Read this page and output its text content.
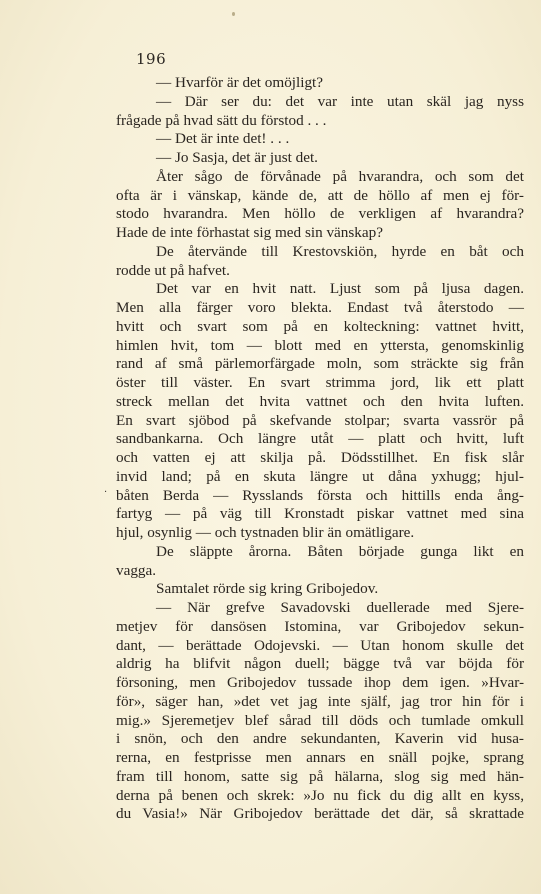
196
·
— Hvarför är det omöjligt?
— Där ser du: det var inte utan skäl jag nyss
frågade på hvad sätt du förstod . . .
— Det är inte det! . . .
— Jo Sasja, det är just det.
Åter sågo de förvånade på hvarandra, och som det
ofta är i vänskap, kände de, att de höllo af men ej för-
stodo hvarandra. Men höllo de verkligen af hvarandra?
Hade de inte förhastat sig med sin vänskap?
De återvände till Krestovskiön, hyrde en båt och
rodde ut på hafvet.
Det var en hvit natt. Ljust som på ljusa dagen.
Men alla färger voro blekta. Endast två återstodo —
hvitt och svart som på en kolteckning: vattnet hvitt,
himlen hvit, tom — blott med en yttersta, genomskinlig
rand af små pärlemorfärgade moln, som sträckte sig från
öster till väster. En svart strimma jord, lik ett platt
streck mellan det hvita vattnet och den hvita luften.
En svart sjöbod på skefvande stolpar; svarta vassrör på
sandbankarna. Och längre utåt — platt och hvitt, luft
och vatten ej att skilja på. Dödsstillhet. En fisk slår
invid land; på en skuta längre ut dåna yxhugg; hjul-
båten Berda — Rysslands första och hittills enda ång-
fartyg — på väg till Kronstadt piskar vattnet med sina
hjul, osynlig — och tystnaden blir än omätligare.
De släppte årorna. Båten började gunga likt en
vagga.
Samtalet rörde sig kring Gribojedov.
— När grefve Savadovski duellerade med Sjere-
metjev för dansösen Istomina, var Gribojedov sekun-
dant, — berättade Odojevski. — Utan honom skulle det
aldrig ha blifvit någon duell; bägge två var böjda för
försoning, men Gribojedov tussade ihop dem igen. »Hvar-
för», säger han, »det vet jag inte själf, jag tror hin för i
mig.» Sjeremetjev blef sårad till döds och tumlade omkull
i snön, och den andre sekundanten, Kaverin vid husa-
rerna, en festprisse men annars en snäll pojke, sprang
fram till honom, satte sig på hälarna, slog sig med hän-
derna på benen och skrek: »Jo nu fick du dig allt en kyss,
du Vasia!» När Gribojedov berättade det där, så skrattade
